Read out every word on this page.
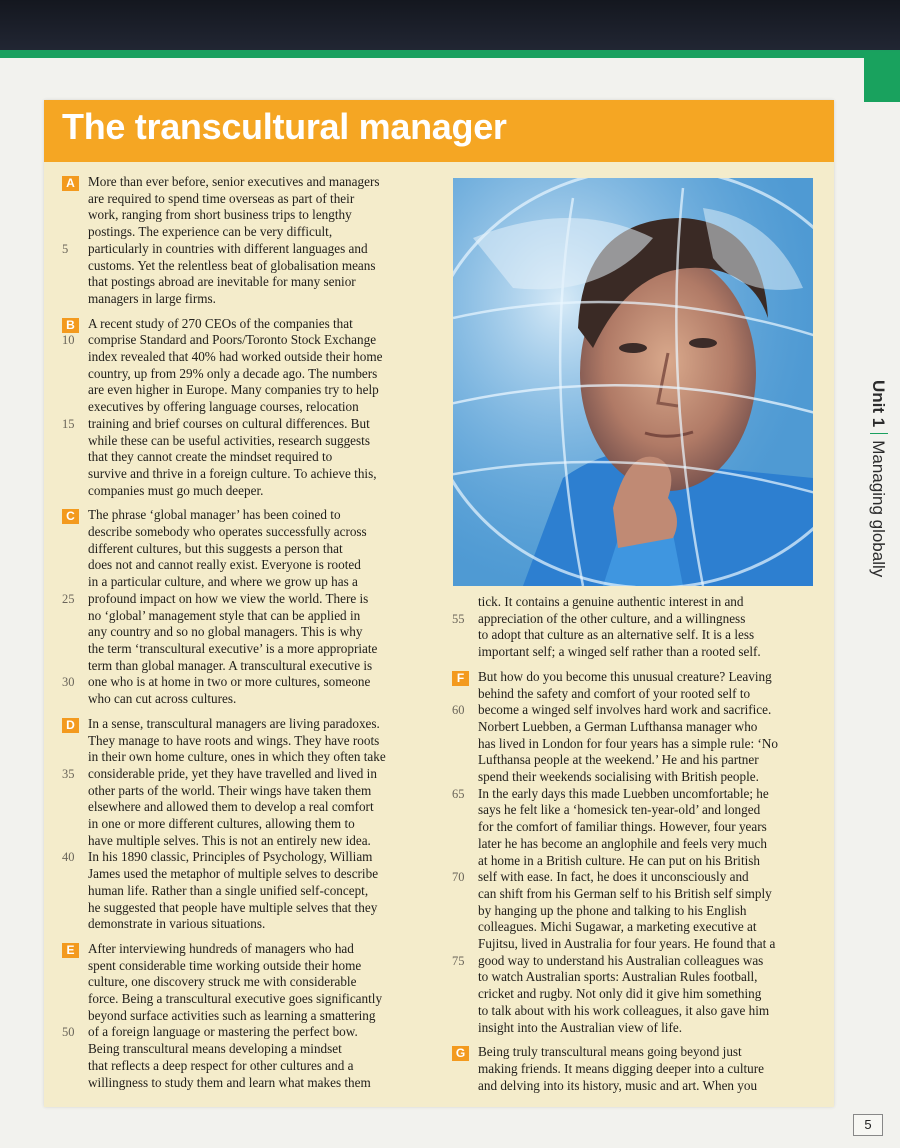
The transcultural manager
A More than ever before, senior executives and managers
are required to spend time overseas as part of their
work, ranging from short business trips to lengthy
postings. The experience can be very difficult,
5	particularly in countries with different languages and
customs. Yet the relentless beat of globalisation means
that postings abroad are inevitable for many senior
managers in large firms.
B A recent study of 270 CEOs of the companies that
10	comprise Standard and Poors/Toronto Stock Exchange
index revealed that 40% had worked outside their home
country, up from 29% only a decade ago. The numbers
are even higher in Europe. Many companies try to help
executives by offering language courses, relocation
15	training and brief courses on cultural differences. But
while these can be useful activities, research suggests
that they cannot create the mindset required to
survive and thrive in a foreign culture. To achieve this,
companies must go much deeper.
C The phrase ‘global manager’ has been coined to
describe somebody who operates successfully across
different cultures, but this suggests a person that
does not and cannot really exist. Everyone is rooted
in a particular culture, and where we grow up has a
25	profound impact on how we view the world. There is
no ‘global’ management style that can be applied in
any country and so no global managers. This is why
the term ‘transcultural executive’ is a more appropriate
term than global manager. A transcultural executive is
30	one who is at home in two or more cultures, someone
who can cut across cultures.
D In a sense, transcultural managers are living paradoxes.
They manage to have roots and wings. They have roots
in their own home culture, ones in which they often take
35	considerable pride, yet they have travelled and lived in
other parts of the world. Their wings have taken them
elsewhere and allowed them to develop a real comfort
in one or more different cultures, allowing them to
have multiple selves. This is not an entirely new idea.
40	In his 1890 classic, Principles of Psychology, William
James used the metaphor of multiple selves to describe
human life. Rather than a single unified self-concept,
he suggested that people have multiple selves that they
demonstrate in various situations.
E	After interviewing hundreds of managers who had
spent considerable time working outside their home
culture, one discovery struck me with considerable
force. Being a transcultural executive goes significantly
beyond surface activities such as learning a smattering
50	of a foreign language or mastering the perfect bow.
Being transcultural means developing a mindset
that reflects a deep respect for other cultures and a
willingness to study them and learn what makes them
tick. It contains a genuine authentic interest in and
55	appreciation of the other culture, and a willingness
to adopt that culture as an alternative self. It is a less
important self; a winged self rather than a rooted self.
F	But how do you become this unusual creature? Leaving
behind the safety and comfort of your rooted self to
60	become a winged self involves hard work and sacrifice.
Norbert Luebben, a German Lufthansa manager who
has lived in London for four years has a simple rule: ‘No
Lufthansa people at the weekend.’ He and his partner
spend their weekends socialising with British people.
65	In the early days this made Luebben uncomfortable; he
says he felt like a ‘homesick ten-year-old’ and longed
for the comfort of familiar things. However, four years
later he has become an anglophile and feels very much
at home in a British culture. He can put on his British
70	self with ease. In fact, he does it unconsciously and
can shift from his German self to his British self simply
by hanging up the phone and talking to his English
colleagues. Michi Sugawar, a marketing executive at
Fujitsu, lived in Australia for four years. He found that a
75	good way to understand his Australian colleagues was
to watch Australian sports: Australian Rules football,
cricket and rugby. Not only did it give him something
to talk about with his work colleagues, it also gave him
insight into the Australian view of life.
G Being truly transcultural means going beyond just
making friends. It means digging deeper into a culture
and delving into its history, music and art. When you
Unit 1Managing globally
5
